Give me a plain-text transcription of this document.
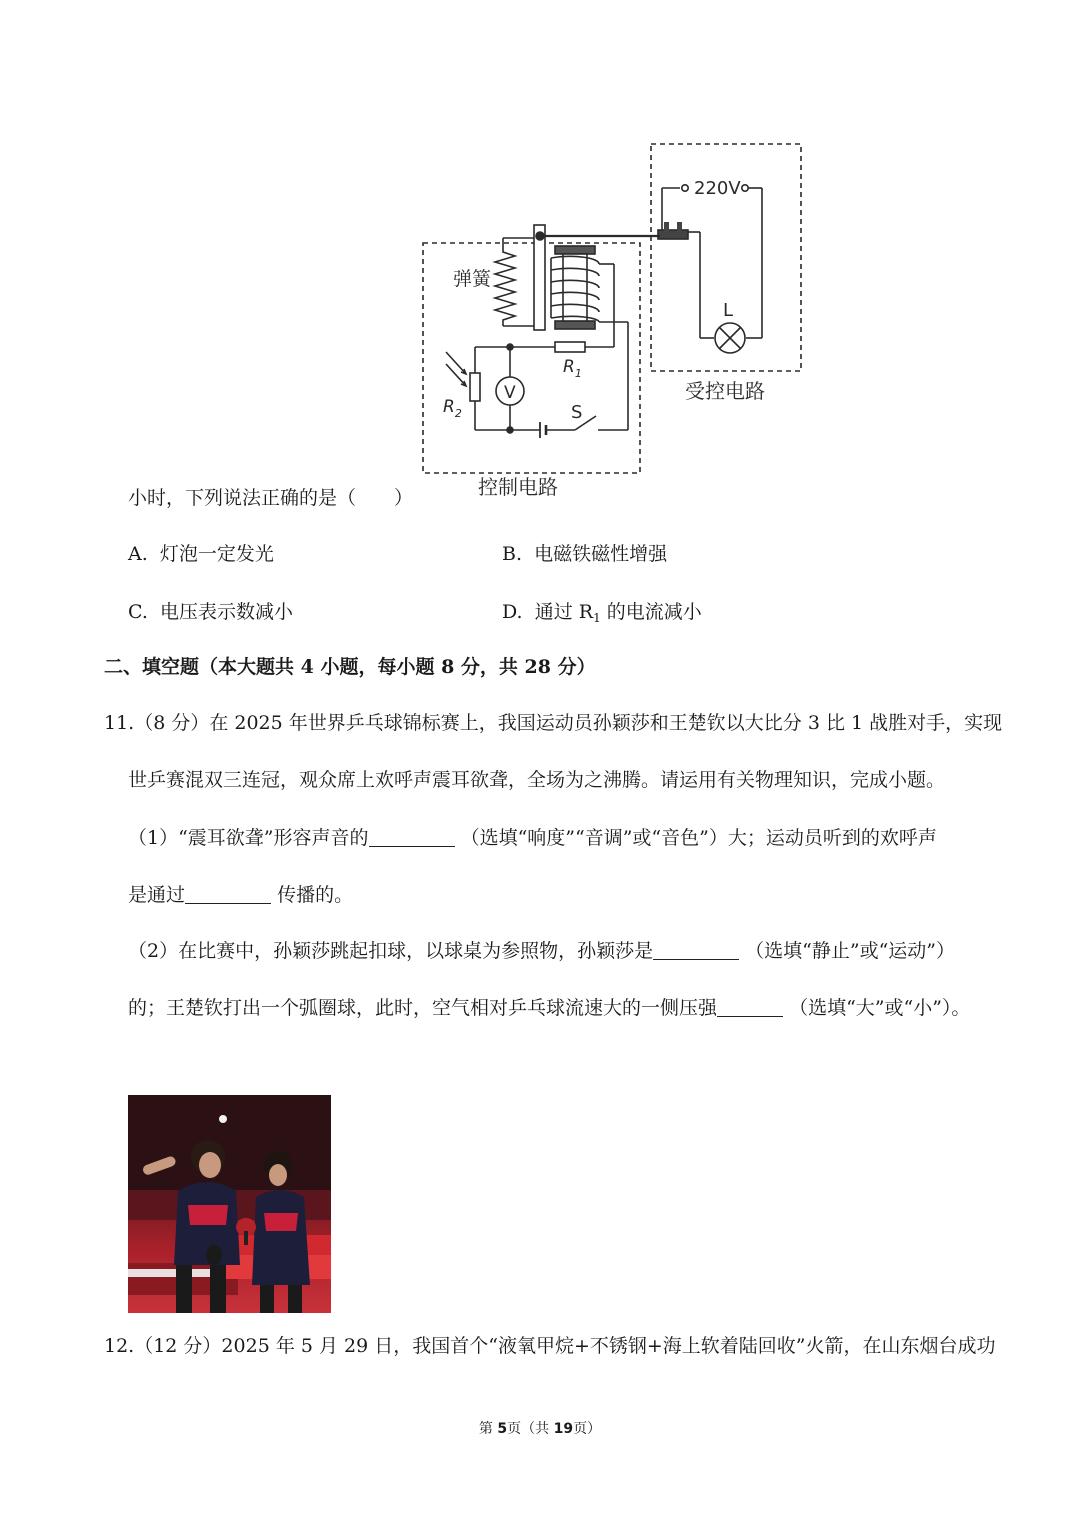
220V
弹簧
L
V
S
$R_1$
$R_2$
受控电路
控制电路
小时，下列说法正确的是（　　）
A. 灯泡一定发光	B. 电磁铁磁性增强
C. 电压表示数减小	D. 通过 $R_1$ 的电流减小
二、填空题（本大题共 4 小题，每小题 8 分，共 28 分）
11.（8 分）在 2025 年世界乒乓球锦标赛上，我国运动员孙颖莎和王楚钦以大比分 3 比 1 战胜对手，实现
世乒赛混双三连冠，观众席上欢呼声震耳欲聋，全场为之沸腾。请运用有关物理知识，完成小题。
（1）“震耳欲聋”形容声音的	（选填“响度”“音调”或“音色”）大；运动员听到的欢呼声
是通过	传播的。
（2）在比赛中，孙颖莎跳起扣球，以球桌为参照物，孙颖莎是	（选填“静止”或“运动”）
的；王楚钦打出一个弧圈球，此时，空气相对乒乓球流速大的一侧压强	（选填“大”或“小”）。
12.（12 分）2025 年 5 月 29 日，我国首个“液氧甲烷+不锈钢+海上软着陆回收”火箭，在山东烟台成功
第 5页（共 19页）
